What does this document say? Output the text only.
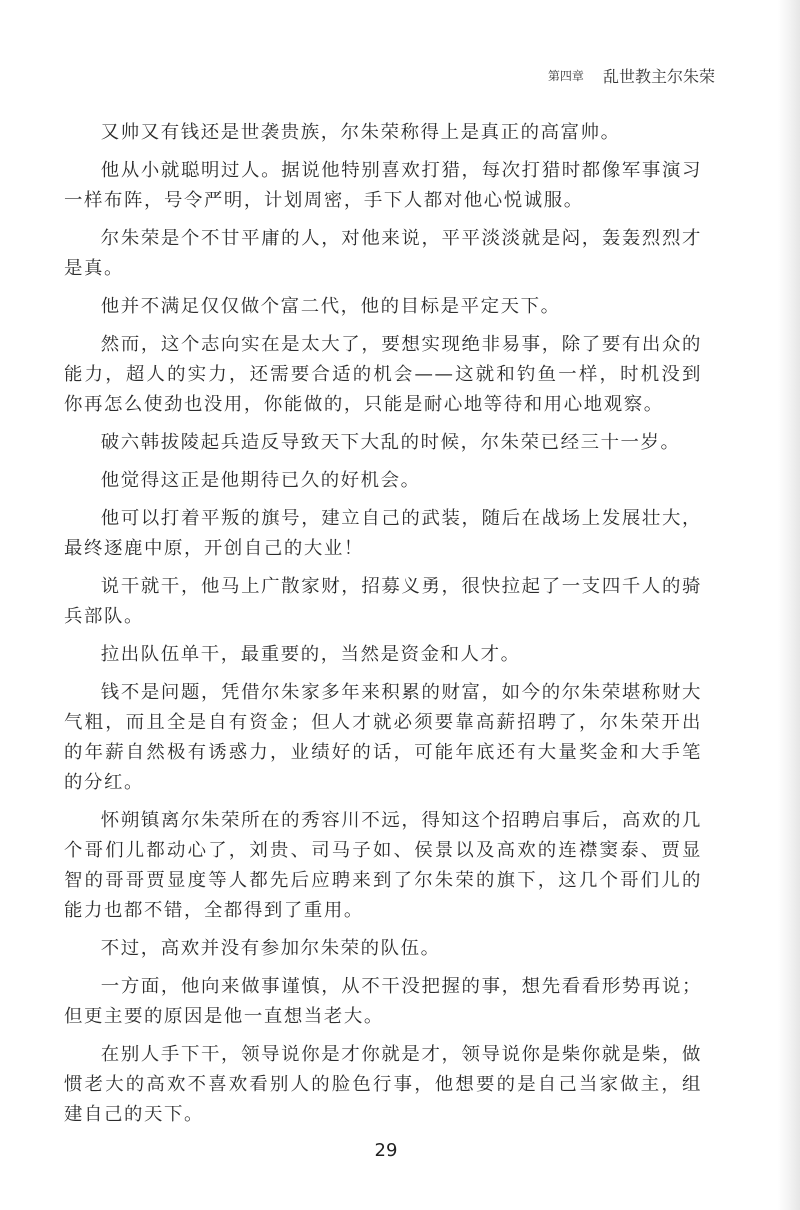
第四章 乱世教主尔朱荣

又帅又有钱还是世袭贵族，尔朱荣称得上是真正的高富帅。

他从小就聪明过人。据说他特别喜欢打猎，每次打猎时都像军事演习一样布阵，号令严明，计划周密，手下人都对他心悦诚服。

尔朱荣是个不甘平庸的人，对他来说，平平淡淡就是闷，轰轰烈烈才是真。

他并不满足仅仅做个富二代，他的目标是平定天下。

然而，这个志向实在是太大了，要想实现绝非易事，除了要有出众的能力，超人的实力，还需要合适的机会——这就和钓鱼一样，时机没到你再怎么使劲也没用，你能做的，只能是耐心地等待和用心地观察。

破六韩拔陵起兵造反导致天下大乱的时候，尔朱荣已经三十一岁。

他觉得这正是他期待已久的好机会。

他可以打着平叛的旗号，建立自己的武装，随后在战场上发展壮大，最终逐鹿中原，开创自己的大业！

说干就干，他马上广散家财，招募义勇，很快拉起了一支四千人的骑兵部队。

拉出队伍单干，最重要的，当然是资金和人才。

钱不是问题，凭借尔朱家多年来积累的财富，如今的尔朱荣堪称财大气粗，而且全是自有资金；但人才就必须要靠高薪招聘了，尔朱荣开出的年薪自然极有诱惑力，业绩好的话，可能年底还有大量奖金和大手笔的分红。

怀朔镇离尔朱荣所在的秀容川不远，得知这个招聘启事后，高欢的几个哥们儿都动心了，刘贵、司马子如、侯景以及高欢的连襟窦泰、贾显智的哥哥贾显度等人都先后应聘来到了尔朱荣的旗下，这几个哥们儿的能力也都不错，全都得到了重用。

不过，高欢并没有参加尔朱荣的队伍。

一方面，他向来做事谨慎，从不干没把握的事，想先看看形势再说；但更主要的原因是他一直想当老大。

在别人手下干，领导说你是才你就是才，领导说你是柴你就是柴，做惯老大的高欢不喜欢看别人的脸色行事，他想要的是自己当家做主，组建自己的天下。

29
